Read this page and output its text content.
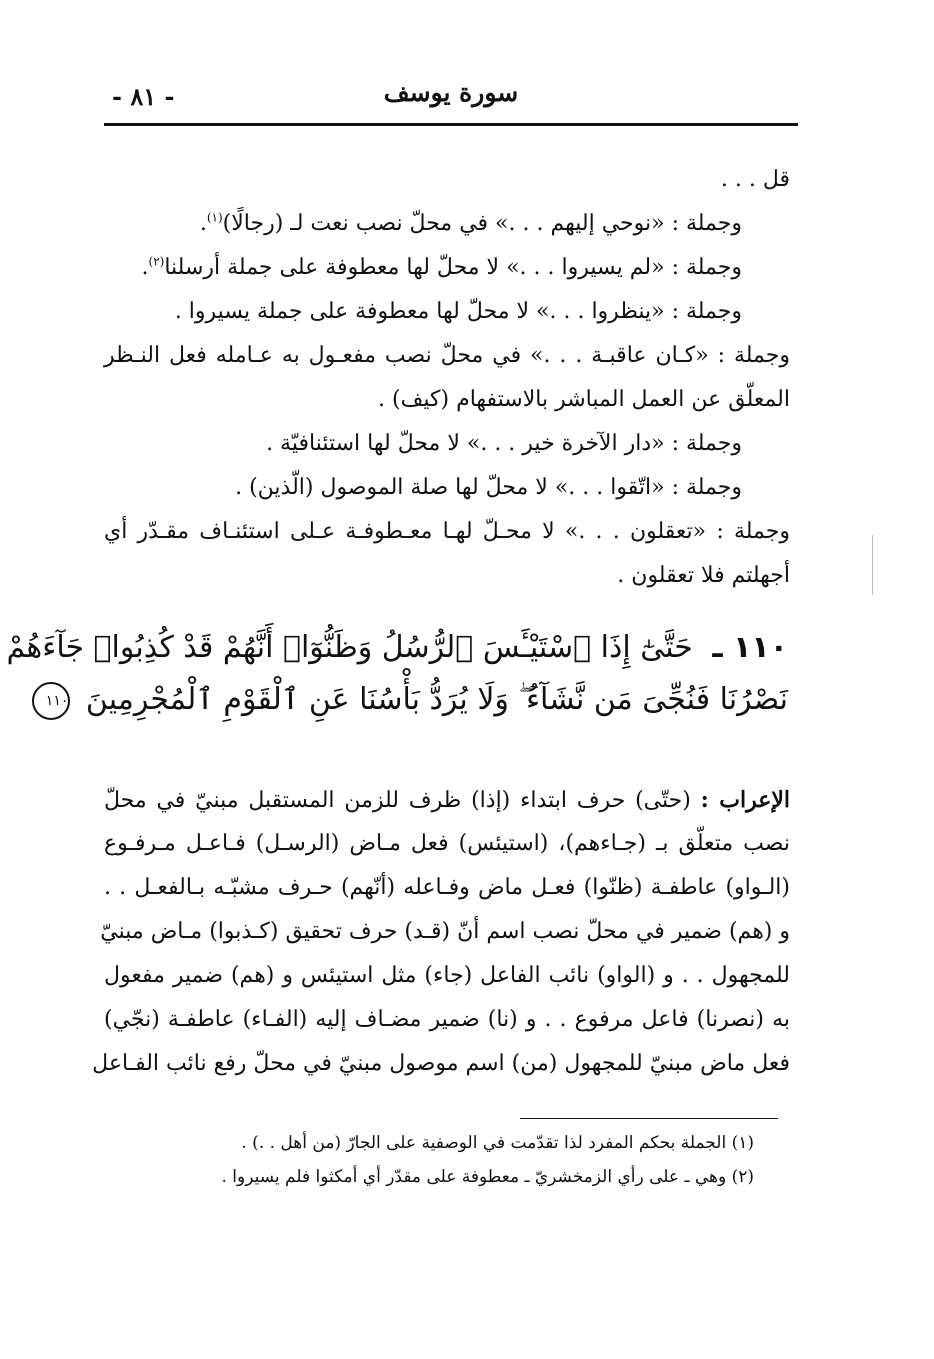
- ٨١ -	سورة يوسف
قل . . .
وجملة : «نوحي إليهم . . .» في محلّ نصب نعت لـ (رجالًا)$^{(١)}$.
وجملة : «لم يسيروا . . .» لا محلّ لها معطوفة على جملة أرسلنا$^{(٢)}$.
وجملة : «ينظروا . . .» لا محلّ لها معطوفة على جملة يسيروا .
وجملة : «كـان عاقبـة . . .» في محلّ نصب مفعـول به عـامله فعل النـظر
المعلّق عن العمل المباشر بالاستفهام (كيف) .
وجملة : «دار الآخرة خير . . .» لا محلّ لها استئنافيّة .
وجملة : «اتّقوا . . .» لا محلّ لها صلة الموصول (الّذين) .
وجملة : «تعقلون . . .» لا محـلّ لهـا معـطوفـة عـلى استئنـاف مقـدّر أي
أجهلتم فلا تعقلون .
١١٠ ـ حَتَّىٰٓ إِذَا ٱسْتَيْـَٔسَ ٱلرُّسُلُ وَظَنُّوٓا۟ أَنَّهُمْ قَدْ كُذِبُوا۟ جَآءَهُمْ
نَصْرُنَا فَنُجِّىَ مَن نَّشَآءُ ۖ وَلَا يُرَدُّ بَأْسُنَا عَنِ ٱلْقَوْمِ ٱلْمُجْرِمِينَ ١١٠
الإعراب : (حتّى) حرف ابتداء (إذا) ظرف للزمن المستقبل مبنيّ في محلّ
نصب متعلّق بـ (جـاءهم)، (استيئس) فعل مـاض (الرسـل) فـاعـل مـرفـوع
(الـواو) عاطفـة (ظنّوا) فعـل ماض وفـاعله (أنّهم) حـرف مشبّـه بـالفعـل . .
و (هم) ضمير في محلّ نصب اسم أنّ (قـد) حرف تحقيق (كـذبوا) مـاض مبنيّ
للمجهول . . و (الواو) نائب الفاعل (جاء) مثل استيئس و (هم) ضمير مفعول
به (نصرنا) فاعل مرفوع . . و (نا) ضمير مضـاف إليه (الفـاء) عاطفـة (نجّي)
فعل ماض مبنيّ للمجهول (من) اسم موصول مبنيّ في محلّ رفع نائب الفـاعل
(١) الجملة بحكم المفرد لذا تقدّمت في الوصفية على الجارّ (من أهل . .) .
(٢) وهي ـ على رأي الزمخشريّ ـ معطوفة على مقدّر أي أمكثوا فلم يسيروا .
